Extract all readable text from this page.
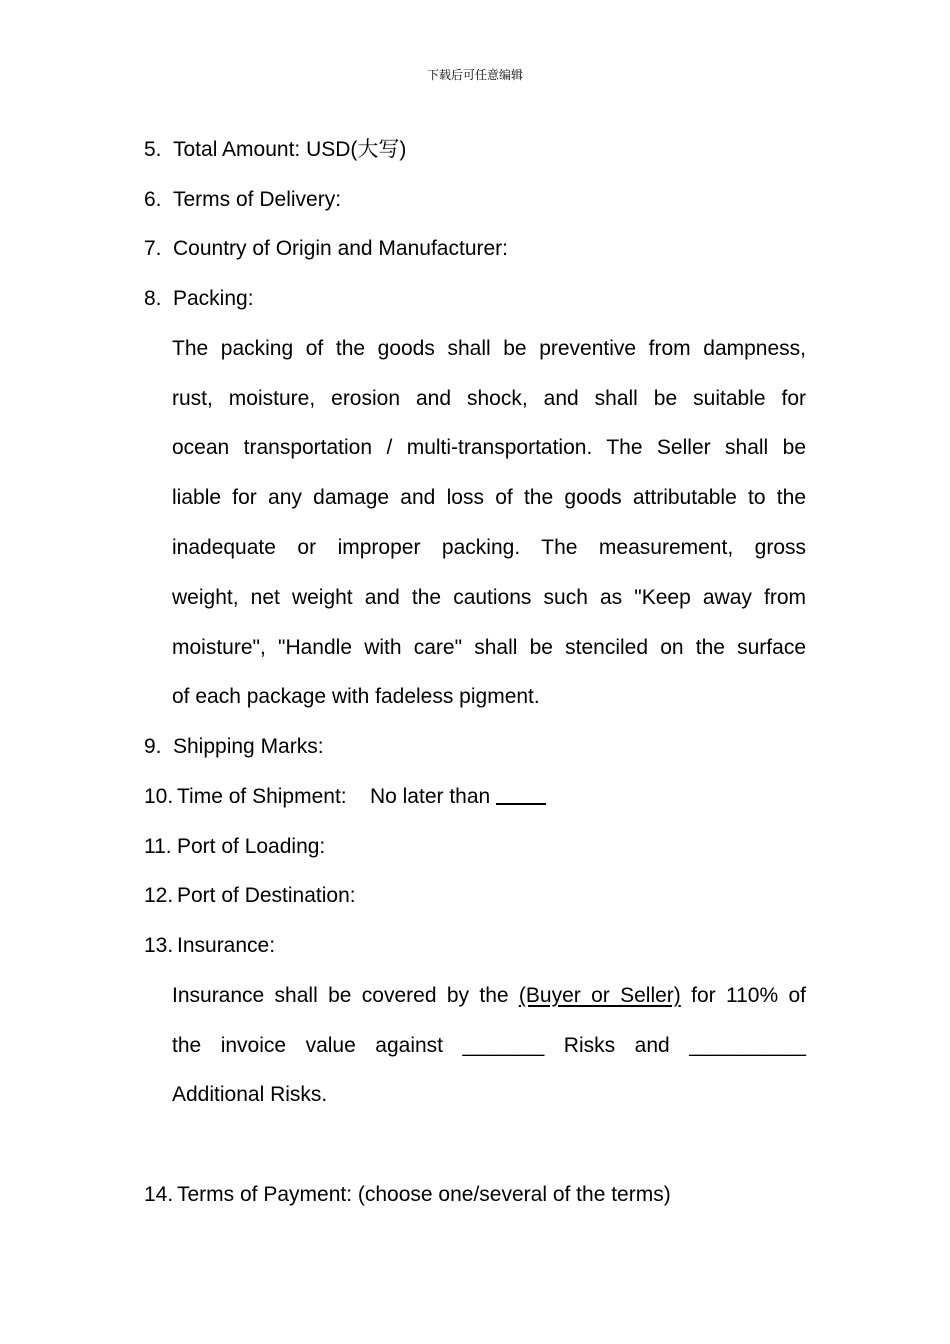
下载后可任意编辑
5. Total Amount: USD(大写)
6. Terms of Delivery:
7. Country of Origin and Manufacturer:
8. Packing:
The packing of the goods shall be preventive from dampness,
rust, moisture, erosion and shock, and shall be suitable for
ocean transportation / multi-transportation. The Seller shall be
liable for any damage and loss of the goods attributable to the
inadequate or improper packing. The measurement, gross
weight, net weight and the cautions such as "Keep away from
moisture", "Handle with care" shall be stenciled on the surface
of each package with fadeless pigment.
9. Shipping Marks:
10. Time of Shipment:    No later than
11. Port of Loading:
12. Port of Destination:
13. Insurance:
Insurance shall be covered by the (Buyer or Seller) for 110% of
the invoice value against _______ Risks and __________
Additional Risks.
14. Terms of Payment: (choose one/several of the terms)
